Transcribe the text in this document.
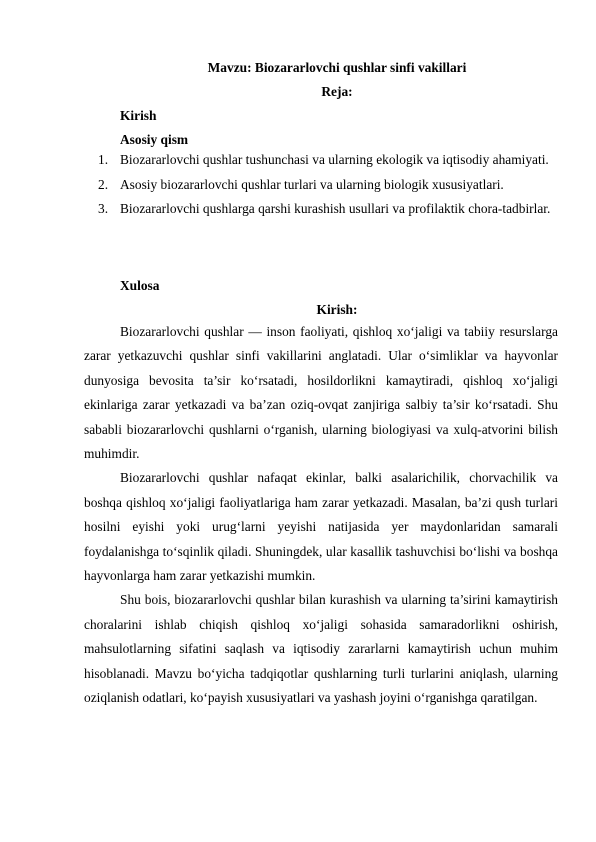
Mavzu: Biozararlovchi qushlar sinfi vakillari

Reja:

Kirish

Asosiy qism

1. Biozararlovchi qushlar tushunchasi va ularning ekologik va iqtisodiy ahamiyati.
2. Asosiy biozararlovchi qushlar turlari va ularning biologik xususiyatlari.
3. Biozararlovchi qushlarga qarshi kurashish usullari va profilaktik chora-tadbirlar.

Xulosa

Kirish:

Biozararlovchi qushlar — inson faoliyati, qishloq xo‘jaligi va tabiiy resurslarga zarar yetkazuvchi qushlar sinfi vakillarini anglatadi. Ular o‘simliklar va hayvonlar dunyosiga bevosita ta’sir ko‘rsatadi, hosildorlikni kamaytiradi, qishloq xo‘jaligi ekinlariga zarar yetkazadi va ba’zan oziq-ovqat zanjiriga salbiy ta’sir ko‘rsatadi. Shu sababli biozararlovchi qushlarni o‘rganish, ularning biologiyasi va xulq-atvorini bilish muhimdir.

Biozararlovchi qushlar nafaqat ekinlar, balki asalarichilik, chorvachilik va boshqa qishloq xo‘jaligi faoliyatlariga ham zarar yetkazadi. Masalan, ba’zi qush turlari hosilni eyishi yoki urug‘larni yeyishi natijasida yer maydonlaridan samarali foydalanishga to‘sqinlik qiladi. Shuningdek, ular kasallik tashuvchisi bo‘lishi va boshqa hayvonlarga ham zarar yetkazishi mumkin.

Shu bois, biozararlovchi qushlar bilan kurashish va ularning ta’sirini kamaytirish choralarini ishlab chiqish qishloq xo‘jaligi sohasida samaradorlikni oshirish, mahsulotlarning sifatini saqlash va iqtisodiy zararlarni kamaytirish uchun muhim hisoblanadi. Mavzu bo‘yicha tadqiqotlar qushlarning turli turlarini aniqlash, ularning oziqlanish odatlari, ko‘payish xususiyatlari va yashash joyini o‘rganishga qaratilgan.
